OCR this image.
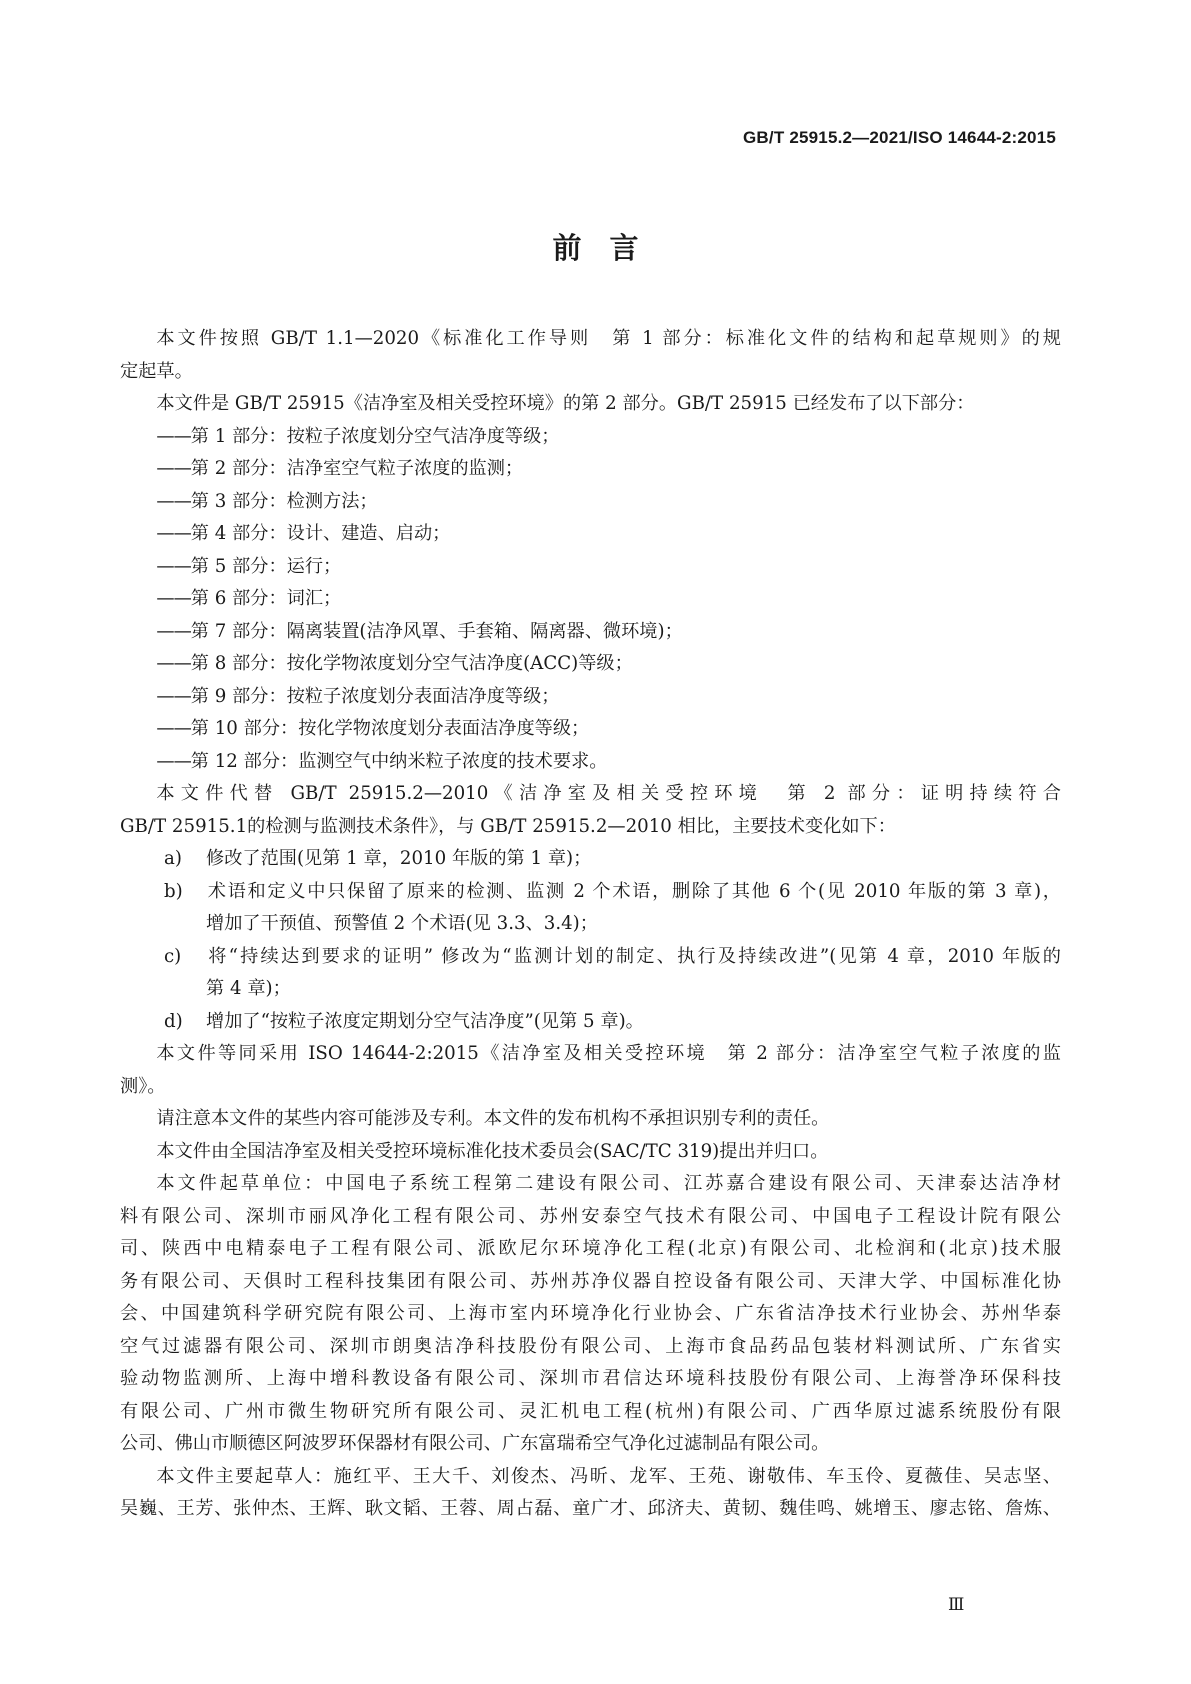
GB/T 25915.2—2021/ISO 14644-2:2015
前言

本文件按照 GB/T 1.1—2020《标准化工作导则　第 1 部分：标准化文件的结构和起草规则》的规

定起草。

本文件是 GB/T 25915《洁净室及相关受控环境》的第 2 部分。GB/T 25915 已经发布了以下部分：

——第 1 部分：按粒子浓度划分空气洁净度等级；

——第 2 部分：洁净室空气粒子浓度的监测；

——第 3 部分：检测方法；

——第 4 部分：设计、建造、启动；

——第 5 部分：运行；

——第 6 部分：词汇；

——第 7 部分：隔离装置(洁净风罩、手套箱、隔离器、微环境)；

——第 8 部分：按化学物浓度划分空气洁净度(ACC)等级；

——第 9 部分：按粒子浓度划分表面洁净度等级；

——第 10 部分：按化学物浓度划分表面洁净度等级；

——第 12 部分：监测空气中纳米粒子浓度的技术要求。

本文件代替 GB/T 25915.2—2010《洁净室及相关受控环境　第 2 部分：证明持续符合

GB/T 25915.1的检测与监测技术条件》，与 GB/T 25915.2—2010 相比，主要技术变化如下：

a) 修改了范围(见第 1 章，2010 年版的第 1 章)；

b) 术语和定义中只保留了原来的检测、监测 2 个术语，删除了其他 6 个(见 2010 年版的第 3 章)，

增加了干预值、预警值 2 个术语(见 3.3、3.4)；

c) 将“持续达到要求的证明” 修改为“监测计划的制定、执行及持续改进”(见第 4 章，2010 年版的

第 4 章)；

d) 增加了“按粒子浓度定期划分空气洁净度”(见第 5 章)。

本文件等同采用 ISO 14644-2:2015《洁净室及相关受控环境　第 2 部分：洁净室空气粒子浓度的监

测》。

请注意本文件的某些内容可能涉及专利。本文件的发布机构不承担识别专利的责任。

本文件由全国洁净室及相关受控环境标准化技术委员会(SAC/TC 319)提出并归口。

本文件起草单位：中国电子系统工程第二建设有限公司、江苏嘉合建设有限公司、天津泰达洁净材

料有限公司、深圳市丽风净化工程有限公司、苏州安泰空气技术有限公司、中国电子工程设计院有限公

司、陕西中电精泰电子工程有限公司、派欧尼尔环境净化工程(北京)有限公司、北检润和(北京)技术服

务有限公司、天俱时工程科技集团有限公司、苏州苏净仪器自控设备有限公司、天津大学、中国标准化协

会、中国建筑科学研究院有限公司、上海市室内环境净化行业协会、广东省洁净技术行业协会、苏州华泰

空气过滤器有限公司、深圳市朗奥洁净科技股份有限公司、上海市食品药品包装材料测试所、广东省实

验动物监测所、上海中增科教设备有限公司、深圳市君信达环境科技股份有限公司、上海誉净环保科技

有限公司、广州市微生物研究所有限公司、灵汇机电工程(杭州)有限公司、广西华原过滤系统股份有限

公司、佛山市顺德区阿波罗环保器材有限公司、广东富瑞希空气净化过滤制品有限公司。

本文件主要起草人：施红平、王大千、刘俊杰、冯昕、龙军、王苑、谢敬伟、车玉伶、夏薇佳、吴志坚、

吴巍、王芳、张仲杰、王辉、耿文韬、王蓉、周占磊、童广才、邱济夫、黄韧、魏佳鸣、姚增玉、廖志铭、詹炼、

Ⅲ
